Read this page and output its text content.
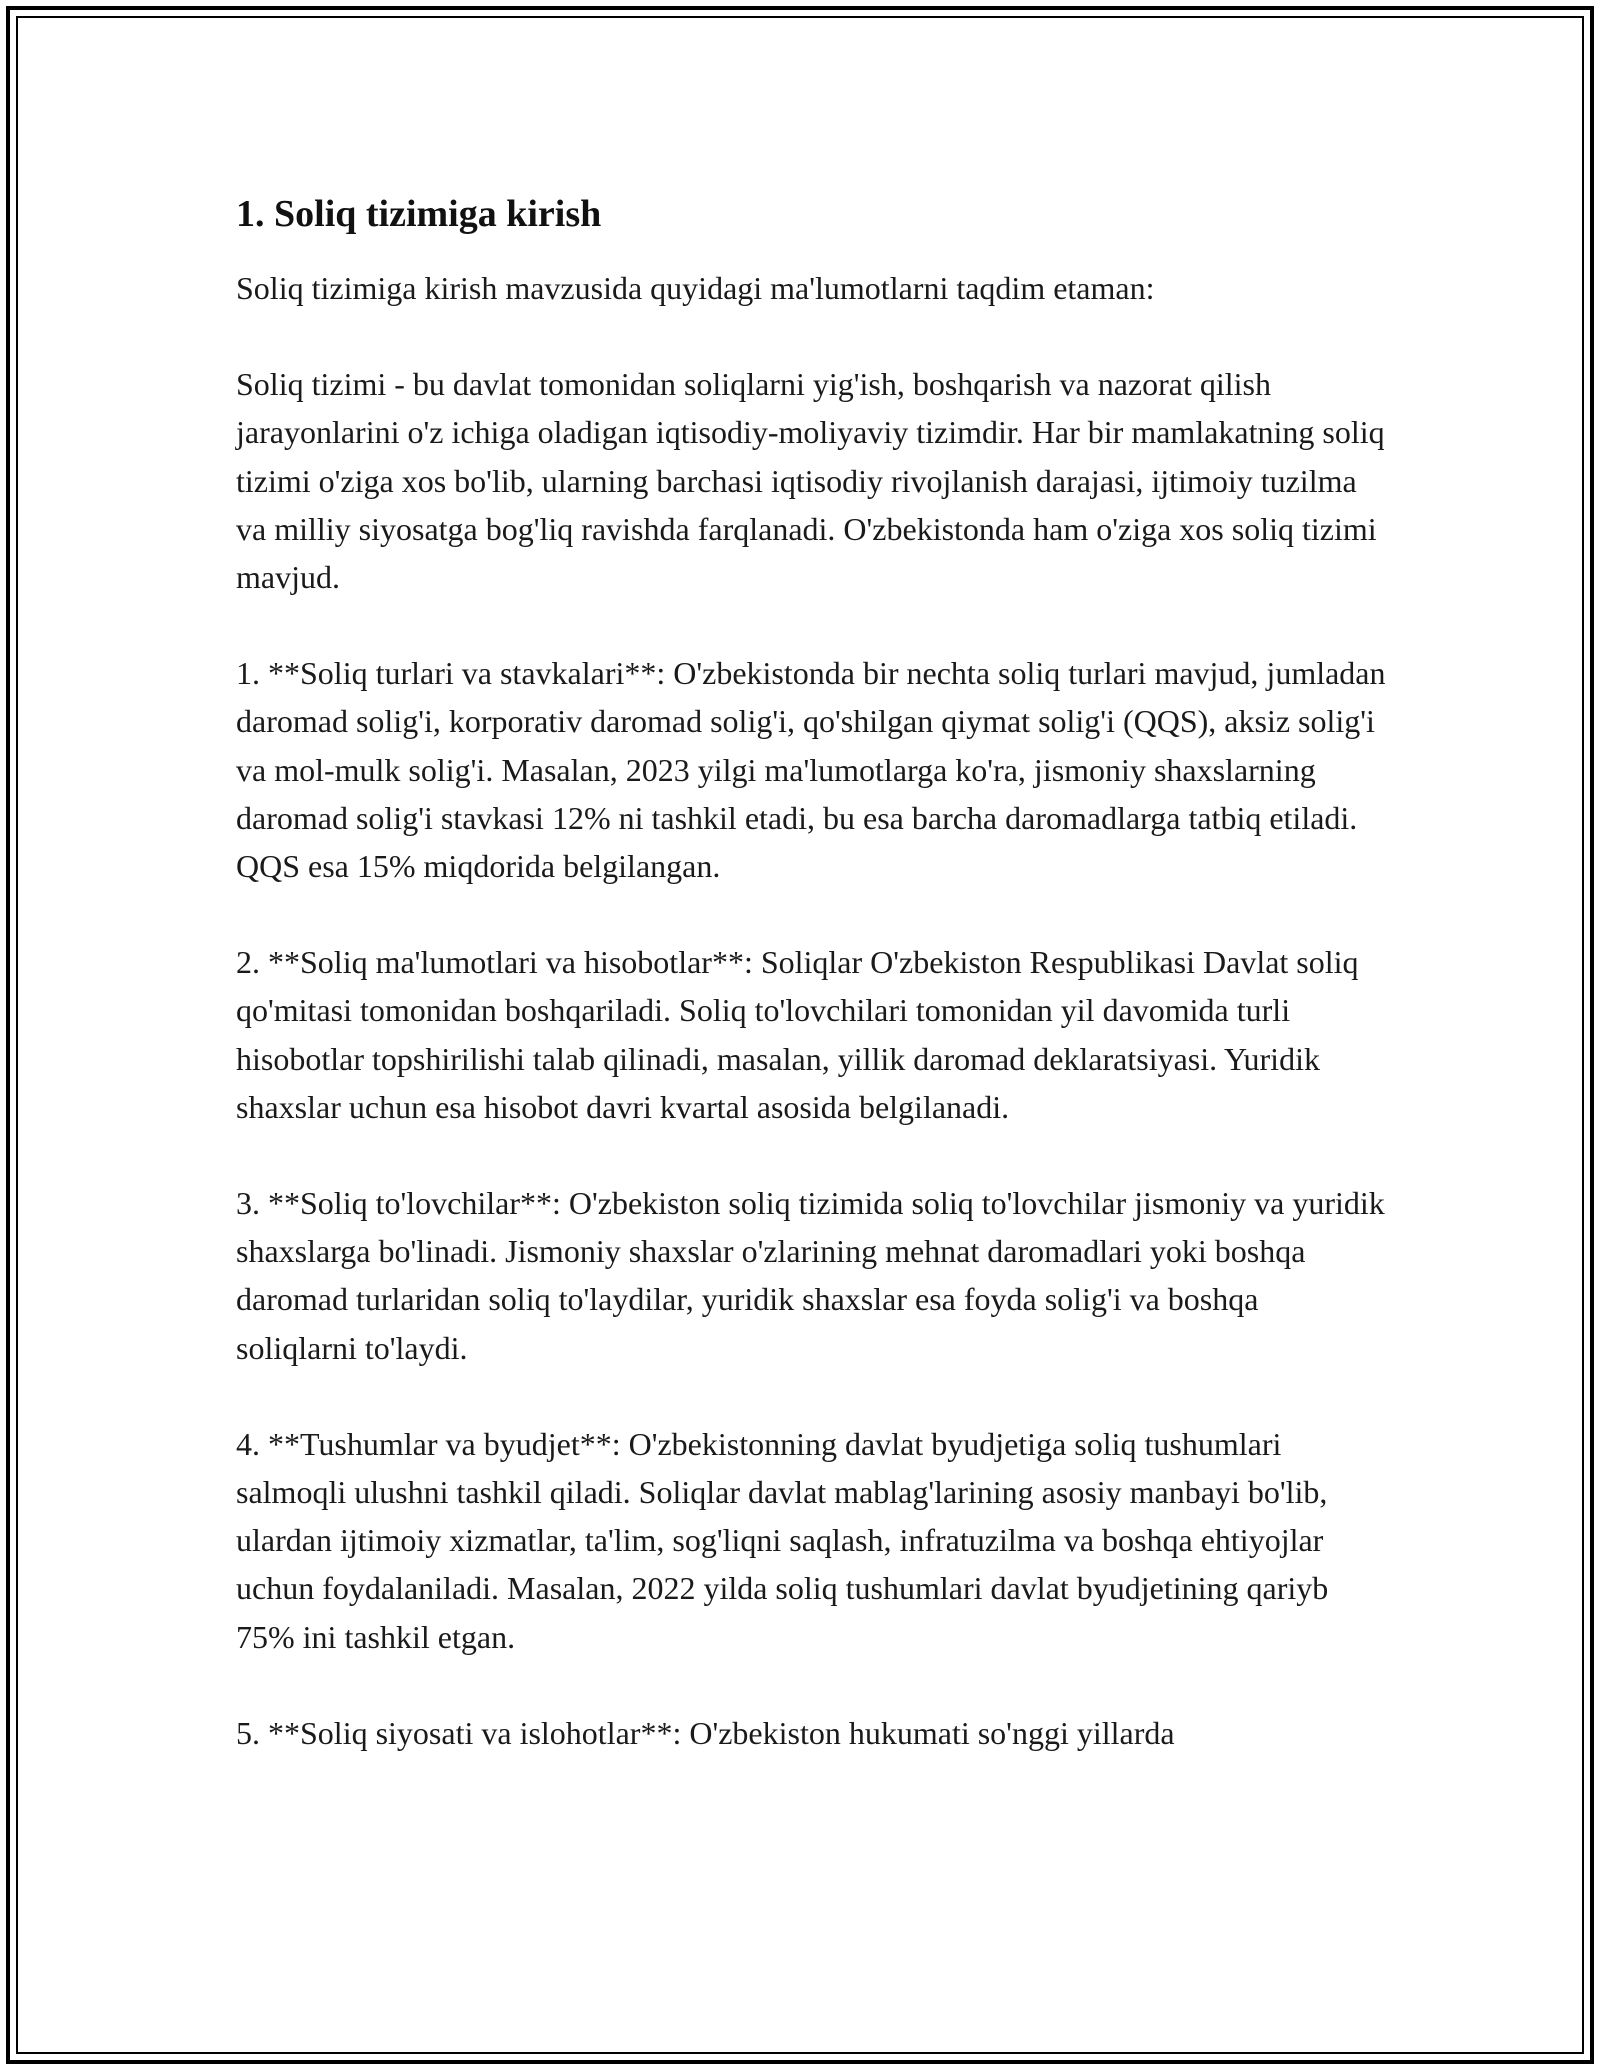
1. Soliq tizimiga kirish

Soliq tizimiga kirish mavzusida quyidagi ma'lumotlarni taqdim etaman:

Soliq tizimi - bu davlat tomonidan soliqlarni yig'ish, boshqarish va nazorat qilish jarayonlarini o'z ichiga oladigan iqtisodiy-moliyaviy tizimdir. Har bir mamlakatning soliq tizimi o'ziga xos bo'lib, ularning barchasi iqtisodiy rivojlanish darajasi, ijtimoiy tuzilma va milliy siyosatga bog'liq ravishda farqlanadi. O'zbekistonda ham o'ziga xos soliq tizimi mavjud.

1. **Soliq turlari va stavkalari**: O'zbekistonda bir nechta soliq turlari mavjud, jumladan daromad solig'i, korporativ daromad solig'i, qo'shilgan qiymat solig'i (QQS), aksiz solig'i va mol-mulk solig'i. Masalan, 2023 yilgi ma'lumotlarga ko'ra, jismoniy shaxslarning daromad solig'i stavkasi 12% ni tashkil etadi, bu esa barcha daromadlarga tatbiq etiladi. QQS esa 15% miqdorida belgilangan.

2. **Soliq ma'lumotlari va hisobotlar**: Soliqlar O'zbekiston Respublikasi Davlat soliq qo'mitasi tomonidan boshqariladi. Soliq to'lovchilari tomonidan yil davomida turli hisobotlar topshirilishi talab qilinadi, masalan, yillik daromad deklaratsiyasi. Yuridik shaxslar uchun esa hisobot davri kvartal asosida belgilanadi.

3. **Soliq to'lovchilar**: O'zbekiston soliq tizimida soliq to'lovchilar jismoniy va yuridik shaxslarga bo'linadi. Jismoniy shaxslar o'zlarining mehnat daromadlari yoki boshqa daromad turlaridan soliq to'laydilar, yuridik shaxslar esa foyda solig'i va boshqa soliqlarni to'laydi.

4. **Tushumlar va byudjet**: O'zbekistonning davlat byudjetiga soliq tushumlari salmoqli ulushni tashkil qiladi. Soliqlar davlat mablag'larining asosiy manbayi bo'lib, ulardan ijtimoiy xizmatlar, ta'lim, sog'liqni saqlash, infratuzilma va boshqa ehtiyojlar uchun foydalaniladi. Masalan, 2022 yilda soliq tushumlari davlat byudjetining qariyb 75% ini tashkil etgan.

5. **Soliq siyosati va islohotlar**: O'zbekiston hukumati so'nggi yillarda
